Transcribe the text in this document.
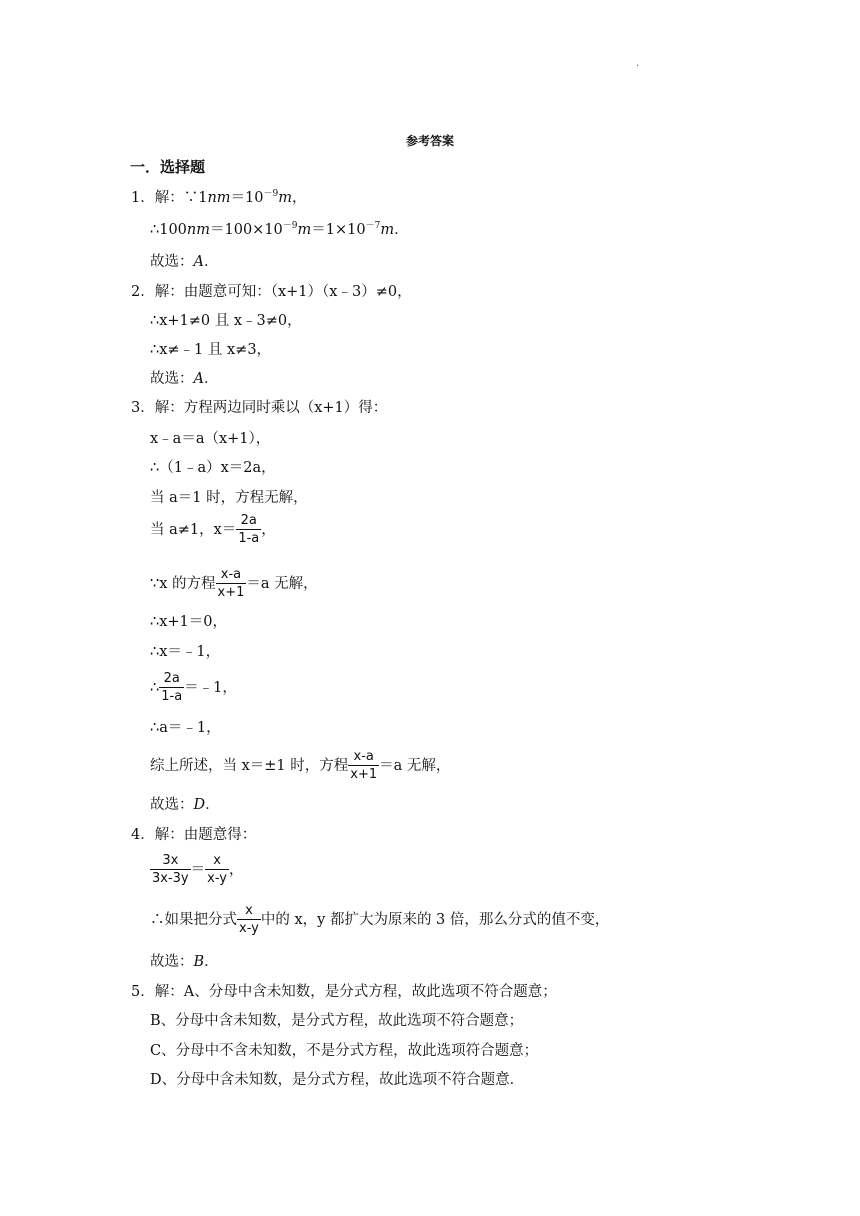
.
参考答案
一．选择题
1．解：$\because 1nm=10^{-9}m$，
$\therefore 100nm=100\times 10^{-9}m=1\times 10^{-7}m$．
故选：A．
2．解：由题意可知：（x+1）（x﹣3）≠0，
∴x+1≠0 且 x﹣3≠0，
∴x≠﹣1 且 x≠3，
故选：A．
3．解：方程两边同时乘以（x+1）得：
x﹣a＝a（x+1），
∴（1﹣a）x＝2a，
当 a＝1 时，方程无解，
当 a≠1，$x= \frac{2a}{1-a}$ ，
∵x 的方程 $\frac{x-a}{x+1} =a$ 无解，
∴x+1＝0，
∴x＝﹣1，
∴ $\frac{2a}{1-a}$ ＝﹣1，
∴a＝﹣1，
综上所述，当 x＝±1 时，方程 $\frac{x-a}{x+1} =a$ 无解，
故选：D．
4．解：由题意得：
$\frac{3x}{3x-3y} = \frac{x}{x-y}$ ，
∴如果把分式 $\frac{x}{x-y}$ 中的 x，y 都扩大为原来的 3 倍，那么分式的值不变，
故选：B．
5．解：A、分母中含未知数，是分式方程，故此选项不符合题意；
B、分母中含未知数，是分式方程，故此选项不符合题意；
C、分母中不含未知数，不是分式方程，故此选项符合题意；
D、分母中含未知数，是分式方程，故此选项不符合题意．
